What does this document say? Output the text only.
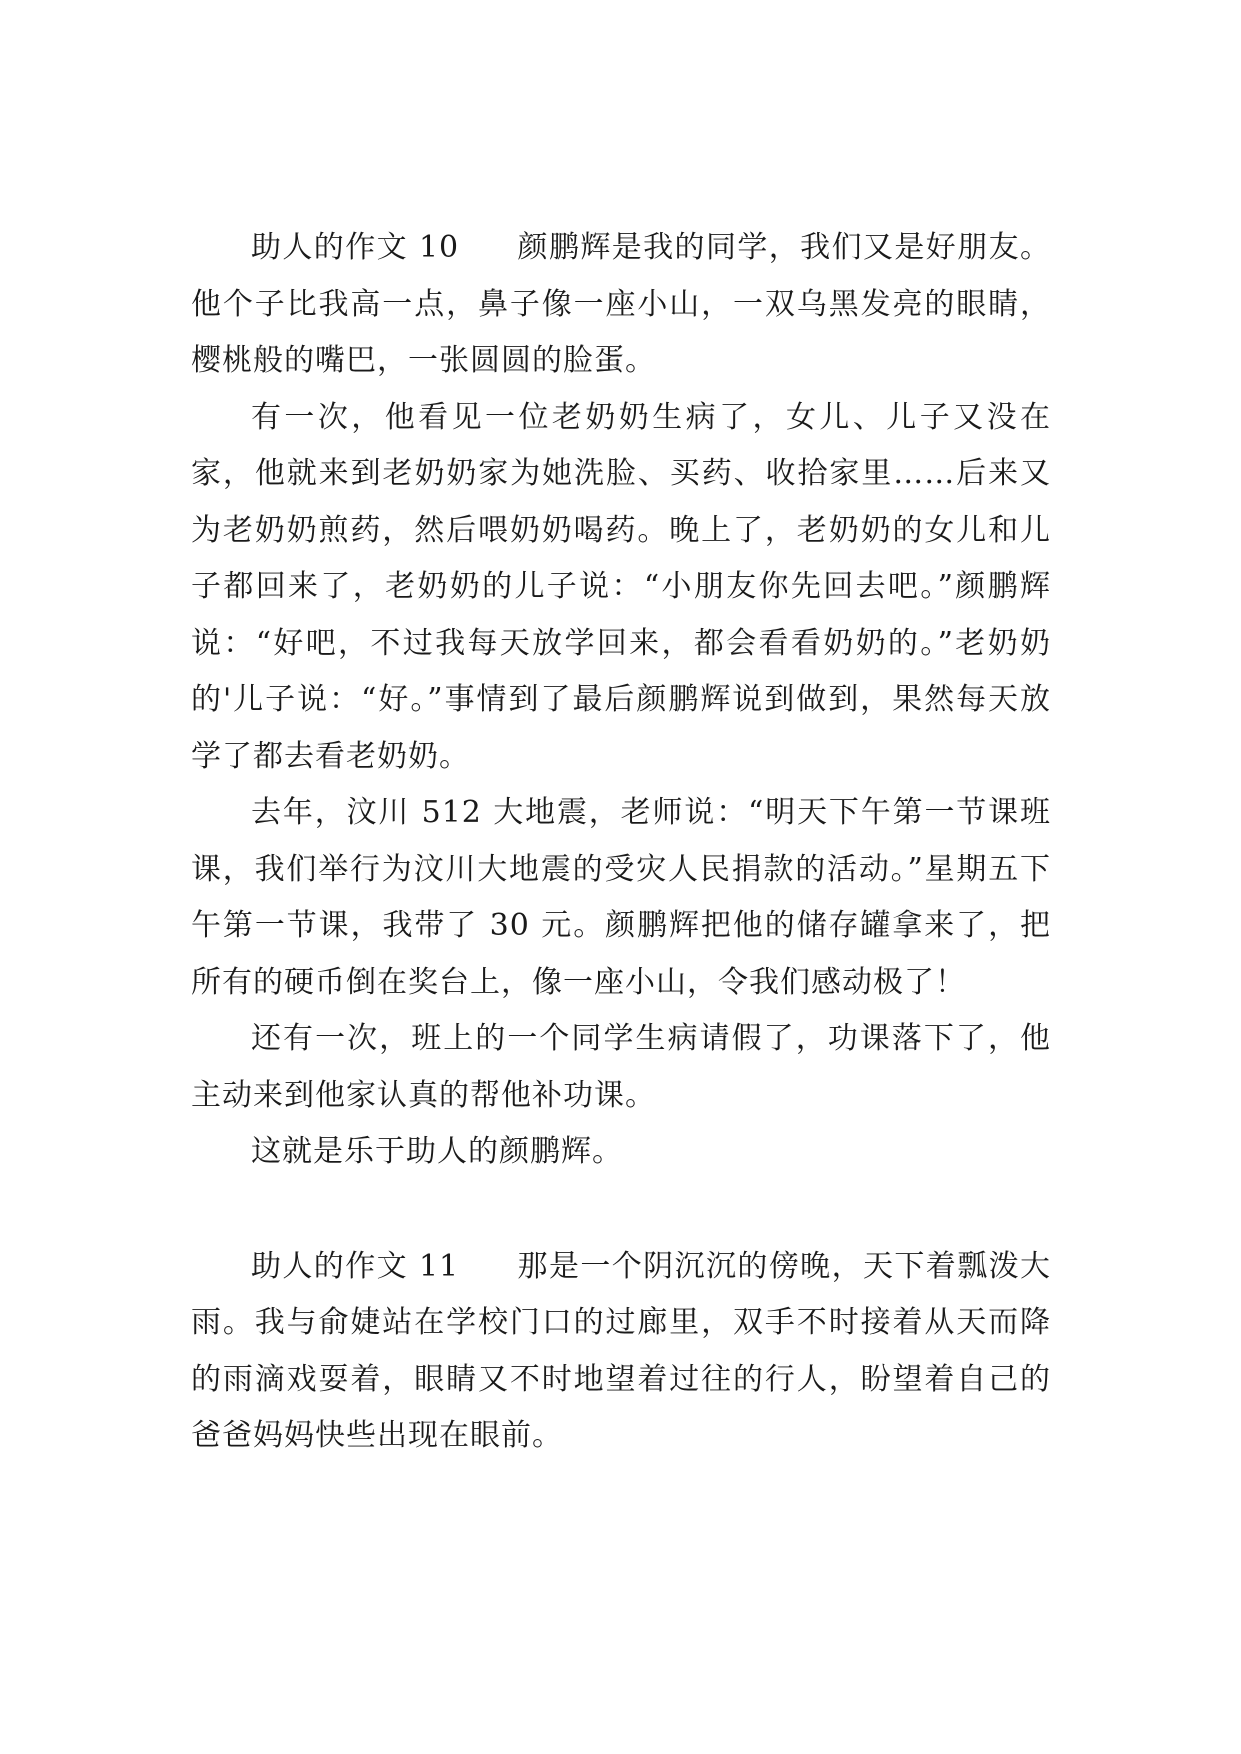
助人的作文 10 颜鹏辉是我的同学，我们又是好朋友。他个子比我高一点，鼻子像一座小山，一双乌黑发亮的眼睛，樱桃般的嘴巴，一张圆圆的脸蛋。

有一次，他看见一位老奶奶生病了，女儿、儿子又没在家，他就来到老奶奶家为她洗脸、买药、收拾家里……后来又为老奶奶煎药，然后喂奶奶喝药。晚上了，老奶奶的女儿和儿子都回来了，老奶奶的儿子说：“小朋友你先回去吧。”颜鹏辉说：“好吧，不过我每天放学回来，都会看看奶奶的。”老奶奶的'儿子说：“好。”事情到了最后颜鹏辉说到做到，果然每天放学了都去看老奶奶。

去年，汶川 512 大地震，老师说：“明天下午第一节课班课，我们举行为汶川大地震的受灾人民捐款的活动。”星期五下午第一节课，我带了 30 元。颜鹏辉把他的储存罐拿来了，把所有的硬币倒在奖台上，像一座小山，令我们感动极了！

还有一次，班上的一个同学生病请假了，功课落下了，他主动来到他家认真的帮他补功课。

这就是乐于助人的颜鹏辉。

助人的作文 11 那是一个阴沉沉的傍晚，天下着瓢泼大雨。我与俞婕站在学校门口的过廊里，双手不时接着从天而降的雨滴戏耍着，眼睛又不时地望着过往的行人，盼望着自己的爸爸妈妈快些出现在眼前。
